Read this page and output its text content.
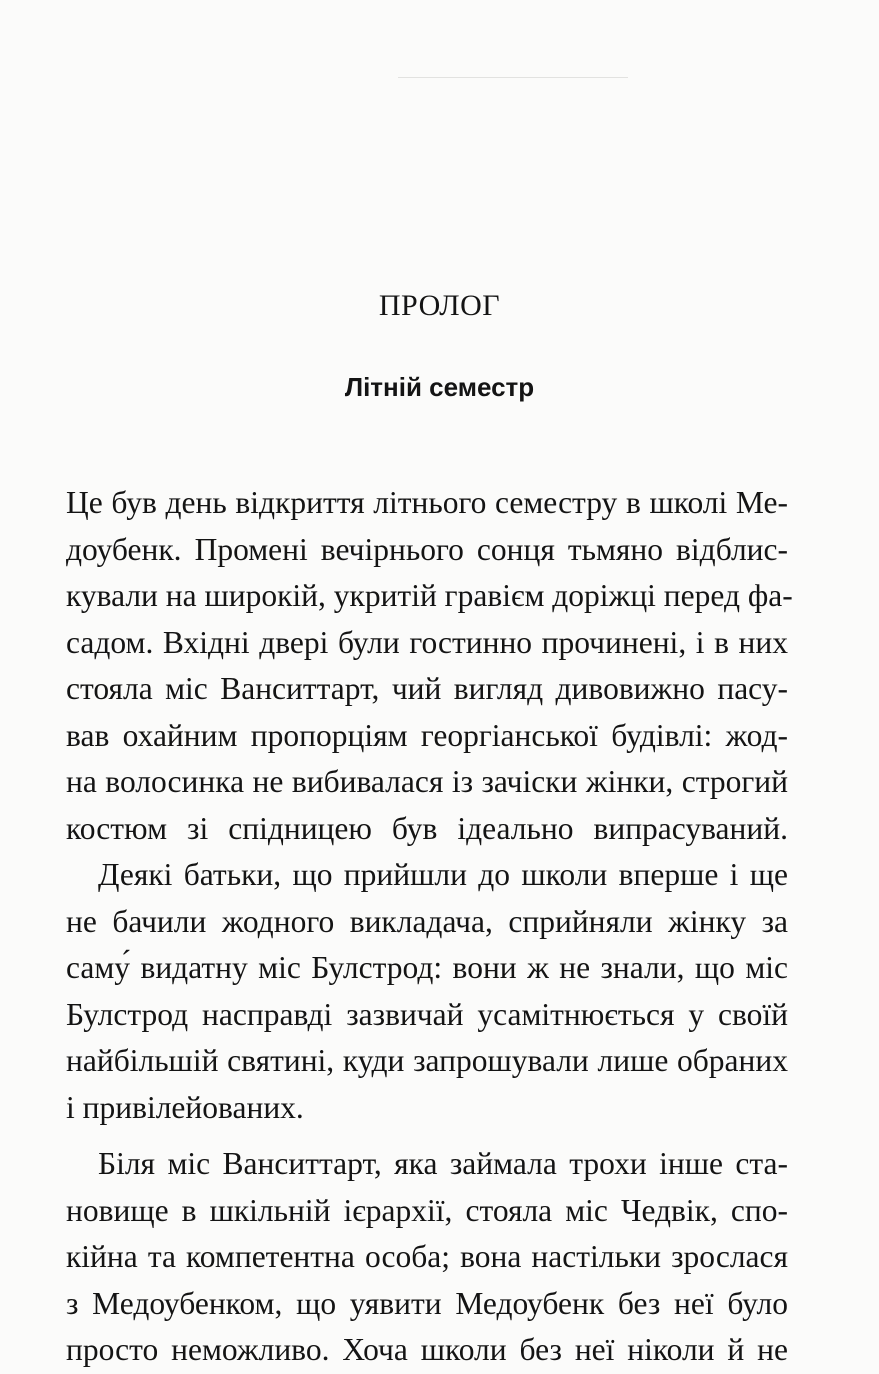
ПРОЛОГ
Літній семестр
Це був день відкриття літнього семестру в школі Ме-
доубенк. Промені вечірнього сонця тьмяно відблис-
кували на широкій, укритій гравієм доріжці перед фа-
садом. Вхідні двері були гостинно прочинені, і в них
стояла міс Ванситтарт, чий вигляд дивовижно пасу-
вав охайним пропорціям георгіанської будівлі: жод-
на волосинка не вибивалася із зачіски жінки, строгий
костюм зі спідницею був ідеально випрасуваний.
Деякі батьки, що прийшли до школи вперше і ще
не бачили жодного викладача, сприйняли жінку за
саму́ видатну міс Булстрод: вони ж не знали, що міс
Булстрод насправді зазвичай усамітнюється у своїй
найбільшій святині, куди запрошували лише обраних
і привілейованих.
Біля міс Ванситтарт, яка займала трохи інше ста-
новище в шкільній ієрархії, стояла міс Чедвік, спо-
кійна та компетентна особа; вона настільки зрослася
з Медоубенком, що уявити Медоубенк без неї було
просто неможливо. Хоча школи без неї ніколи й не
